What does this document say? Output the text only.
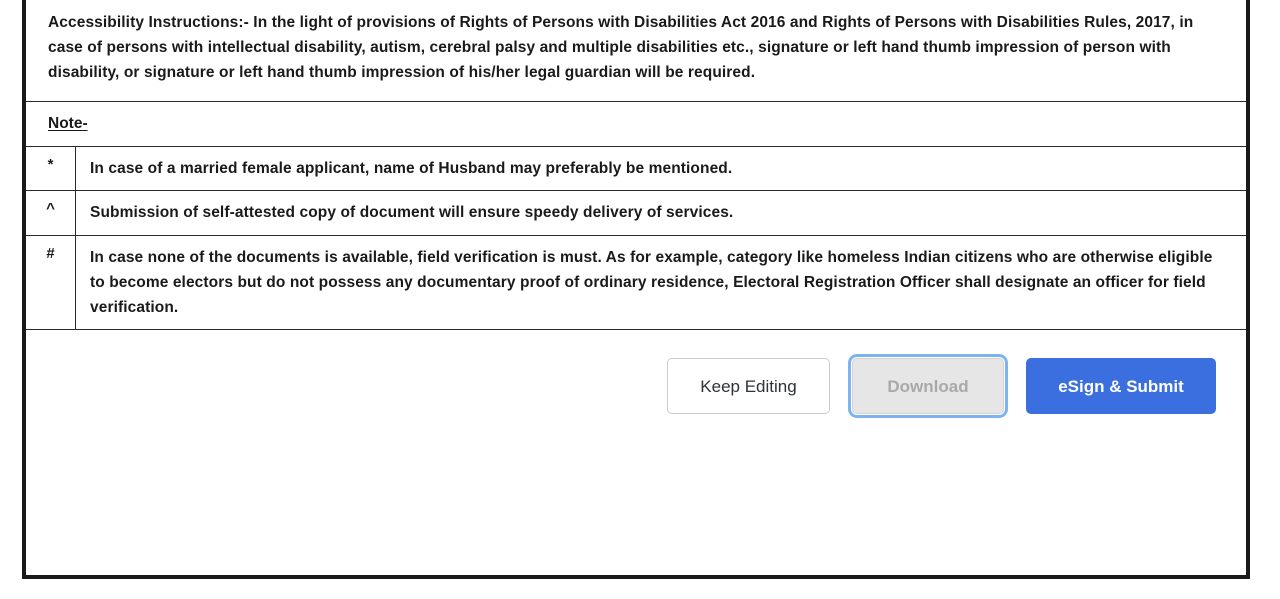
Accessibility Instructions:- In the light of provisions of Rights of Persons with Disabilities Act 2016 and Rights of Persons with Disabilities Rules, 2017, in case of persons with intellectual disability, autism, cerebral palsy and multiple disabilities etc., signature or left hand thumb impression of person with disability, or signature or left hand thumb impression of his/her legal guardian will be required.
Note-
*	In case of a married female applicant, name of Husband may preferably be mentioned.
^	Submission of self-attested copy of document will ensure speedy delivery of services.
#	In case none of the documents is available, field verification is must. As for example, category like homeless Indian citizens who are otherwise eligible to become electors but do not possess any documentary proof of ordinary residence, Electoral Registration Officer shall designate an officer for field verification.
Keep Editing	Download	eSign & Submit
